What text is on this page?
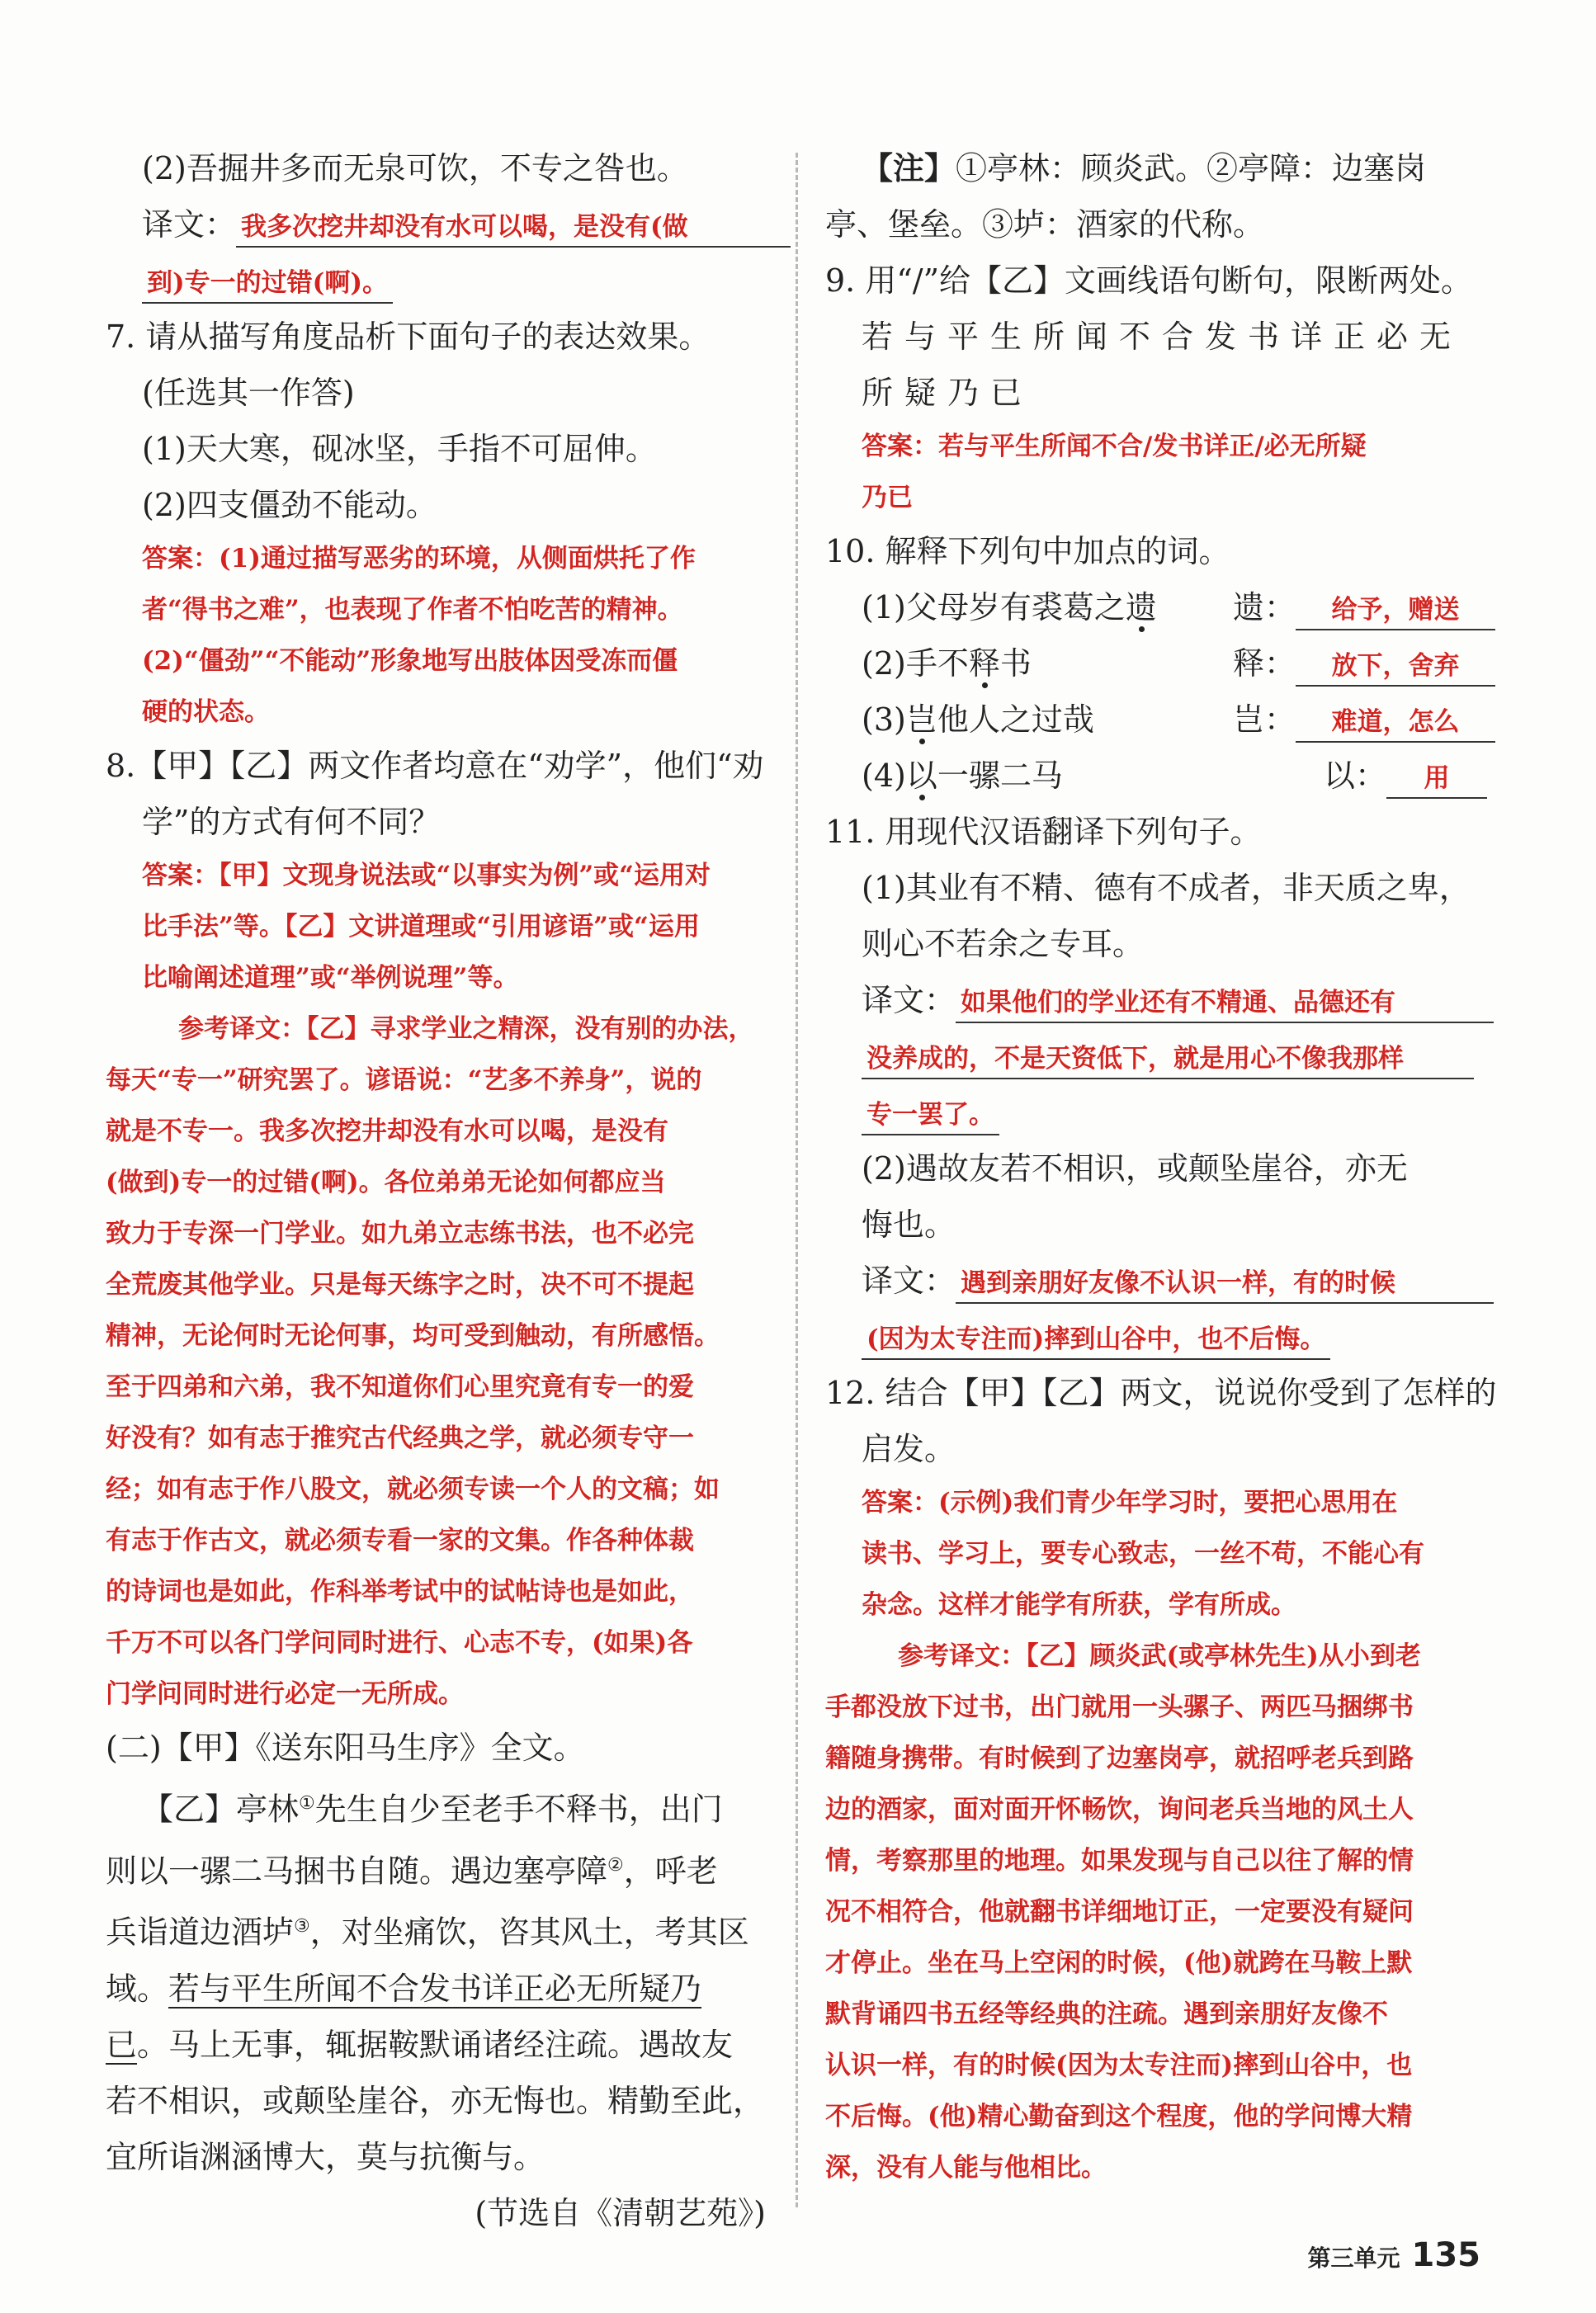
(2)吾掘井多而无泉可饮，不专之咎也。
译文： 我多次挖井却没有水可以喝，是没有(做
到)专一的过错(啊)。
7. 请从描写角度品析下面句子的表达效果。
(任选其一作答)
(1)天大寒，砚冰坚，手指不可屈伸。
(2)四支僵劲不能动。
答案：(1)通过描写恶劣的环境，从侧面烘托了作
者“得书之难”，也表现了作者不怕吃苦的精神。
(2)“僵劲”“不能动”形象地写出肢体因受冻而僵
硬的状态。
8.【甲】【乙】两文作者均意在“劝学”，他们“劝
学”的方式有何不同？
答案：【甲】文现身说法或“以事实为例”或“运用对
比手法”等。【乙】文讲道理或“引用谚语”或“运用
比喻阐述道理”或“举例说理”等。
参考译文：【乙】寻求学业之精深，没有别的办法，
每天“专一”研究罢了。谚语说：“艺多不养身”，说的
就是不专一。我多次挖井却没有水可以喝，是没有
(做到)专一的过错(啊)。各位弟弟无论如何都应当
致力于专深一门学业。如九弟立志练书法，也不必完
全荒废其他学业。只是每天练字之时，决不可不提起
精神，无论何时无论何事，均可受到触动，有所感悟。
至于四弟和六弟，我不知道你们心里究竟有专一的爱
好没有？如有志于推究古代经典之学，就必须专守一
经；如有志于作八股文，就必须专读一个人的文稿；如
有志于作古文，就必须专看一家的文集。作各种体裁
的诗词也是如此，作科举考试中的试帖诗也是如此，
千万不可以各门学问同时进行、心志不专，(如果)各
门学问同时进行必定一无所成。
(二)【甲】《送东阳马生序》全文。
【乙】亭林①先生自少至老手不释书，出门
则以一骡二马捆书自随。遇边塞亭障②，呼老
兵诣道边酒垆③，对坐痛饮，咨其风土，考其区
域。若与平生所闻不合发书详正必无所疑乃
已。马上无事，辄据鞍默诵诸经注疏。遇故友
若不相识，或颠坠崖谷，亦无悔也。精勤至此，
宜所诣渊涵博大，莫与抗衡与。
(节选自《清朝艺苑》)
【注】①亭林：顾炎武。②亭障：边塞岗
亭、堡垒。③垆：酒家的代称。
9. 用“/”给【乙】文画线语句断句，限断两处。
若与平生所闻不合发书详正必无
所疑乃已
答案：若与平生所闻不合/发书详正/必无所疑
乃已
10. 解释下列句中加点的词。
(1)父母岁有裘葛之遗 遗： 给予，赠送
(2)手不释书	释： 放下，舍弃
(3)岂他人之过哉	岂： 难道，怎么
(4)以一骡二马	以： 用
11. 用现代汉语翻译下列句子。
(1)其业有不精、德有不成者，非天质之卑，
则心不若余之专耳。
译文： 如果他们的学业还有不精通、品德还有
没养成的，不是天资低下，就是用心不像我那样
专一罢了。
(2)遇故友若不相识，或颠坠崖谷，亦无
悔也。
译文： 遇到亲朋好友像不认识一样，有的时候
(因为太专注而)摔到山谷中，也不后悔。
12. 结合【甲】【乙】两文，说说你受到了怎样的
启发。
答案：(示例)我们青少年学习时，要把心思用在
读书、学习上，要专心致志，一丝不苟，不能心有
杂念。这样才能学有所获，学有所成。
参考译文：【乙】顾炎武(或亭林先生)从小到老
手都没放下过书，出门就用一头骡子、两匹马捆绑书
籍随身携带。有时候到了边塞岗亭，就招呼老兵到路
边的酒家，面对面开怀畅饮，询问老兵当地的风土人
情，考察那里的地理。如果发现与自己以往了解的情
况不相符合，他就翻书详细地订正，一定要没有疑问
才停止。坐在马上空闲的时候，(他)就跨在马鞍上默
默背诵四书五经等经典的注疏。遇到亲朋好友像不
认识一样，有的时候(因为太专注而)摔到山谷中，也
不后悔。(他)精心勤奋到这个程度，他的学问博大精
深，没有人能与他相比。
第三单元 135
